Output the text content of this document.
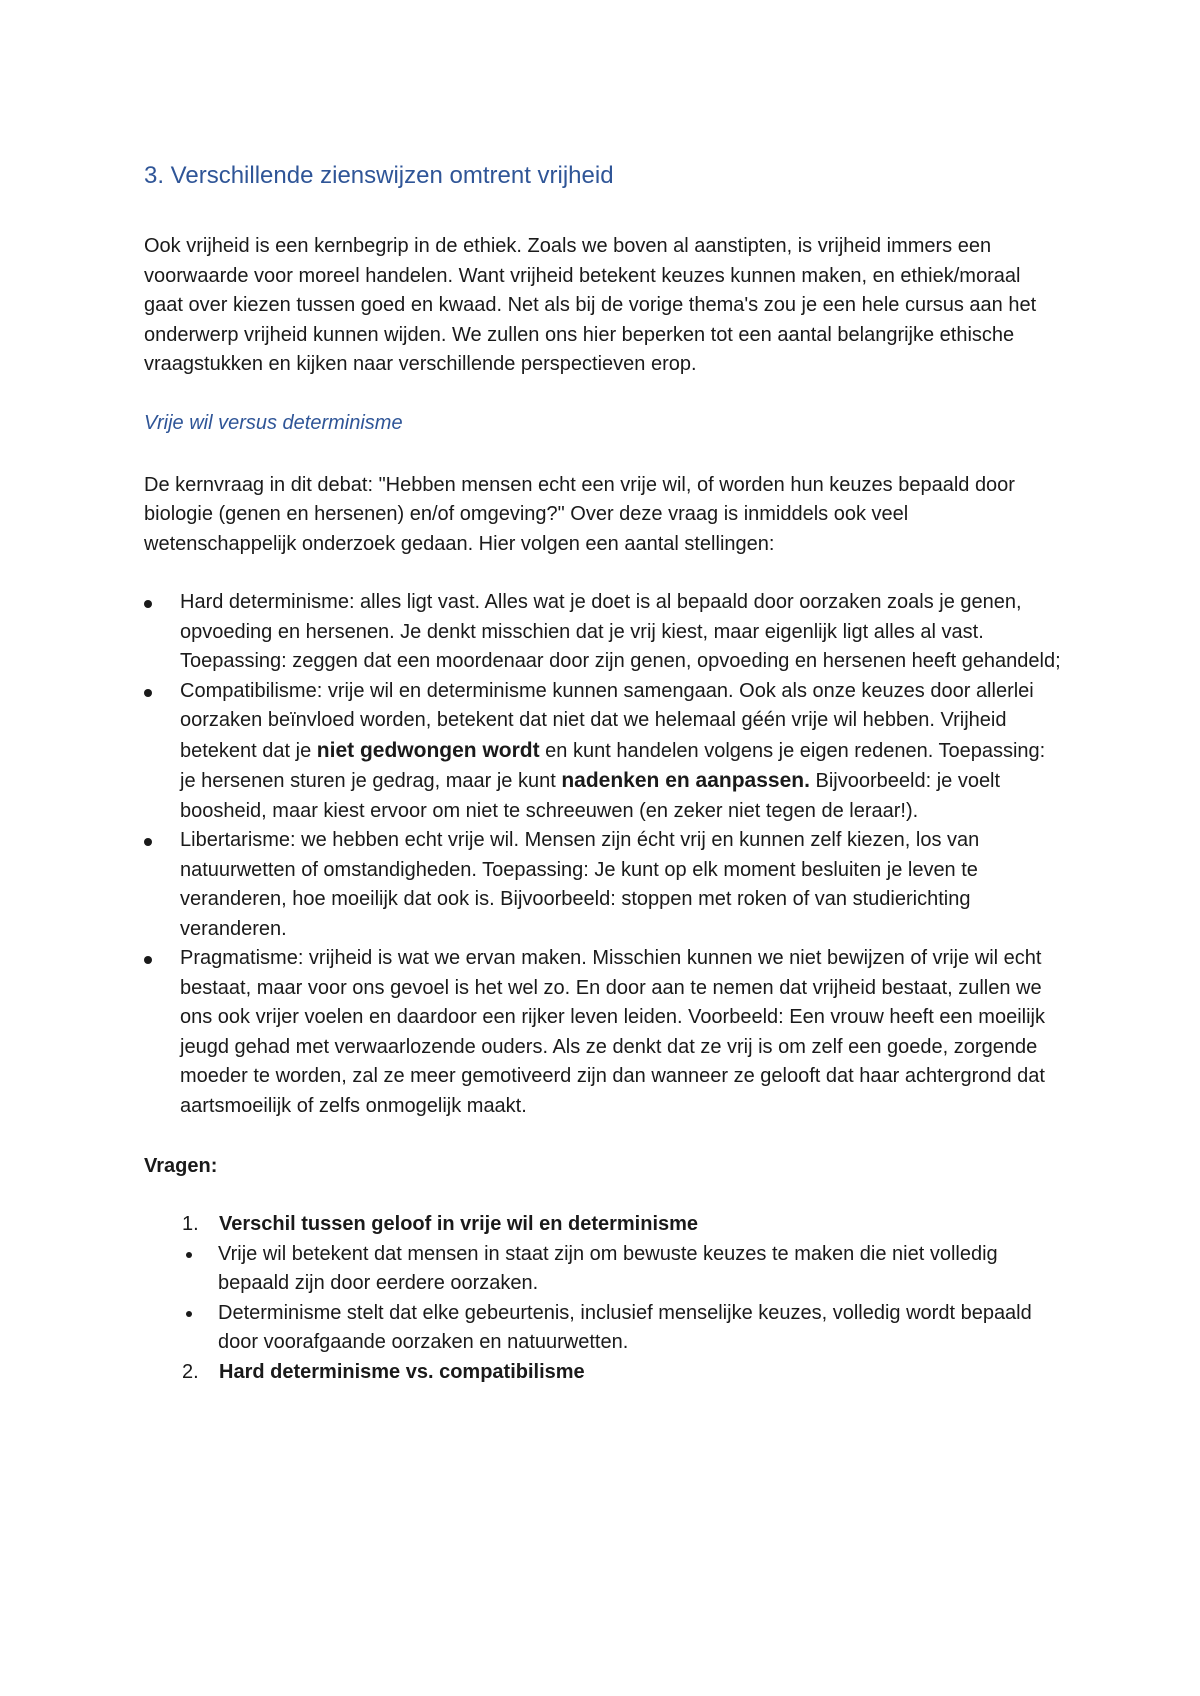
3. Verschillende zienswijzen omtrent vrijheid

Ook vrijheid is een kernbegrip in de ethiek. Zoals we boven al aanstipten, is vrijheid immers een voorwaarde voor moreel handelen. Want vrijheid betekent keuzes kunnen maken, en ethiek/moraal gaat over kiezen tussen goed en kwaad. Net als bij de vorige thema's zou je een hele cursus aan het onderwerp vrijheid kunnen wijden. We zullen ons hier beperken tot een aantal belangrijke ethische vraagstukken en kijken naar verschillende perspectieven erop.

Vrije wil versus determinisme

De kernvraag in dit debat: "Hebben mensen echt een vrije wil, of worden hun keuzes bepaald door biologie (genen en hersenen) en/of omgeving?" Over deze vraag is inmiddels ook veel wetenschappelijk onderzoek gedaan. Hier volgen een aantal stellingen:

Hard determinisme: alles ligt vast. Alles wat je doet is al bepaald door oorzaken zoals je genen, opvoeding en hersenen. Je denkt misschien dat je vrij kiest, maar eigenlijk ligt alles al vast. Toepassing: zeggen dat een moordenaar door zijn genen, opvoeding en hersenen heeft gehandeld;
Compatibilisme: vrije wil en determinisme kunnen samengaan. Ook als onze keuzes door allerlei oorzaken beïnvloed worden, betekent dat niet dat we helemaal géén vrije wil hebben. Vrijheid betekent dat je niet gedwongen wordt en kunt handelen volgens je eigen redenen. Toepassing: je hersenen sturen je gedrag, maar je kunt nadenken en aanpassen. Bijvoorbeeld: je voelt boosheid, maar kiest ervoor om niet te schreeuwen (en zeker niet tegen de leraar!).
Libertarisme: we hebben echt vrije wil. Mensen zijn écht vrij en kunnen zelf kiezen, los van natuurwetten of omstandigheden. Toepassing: Je kunt op elk moment besluiten je leven te veranderen, hoe moeilijk dat ook is. Bijvoorbeeld: stoppen met roken of van studierichting veranderen.
Pragmatisme: vrijheid is wat we ervan maken. Misschien kunnen we niet bewijzen of vrije wil echt bestaat, maar voor ons gevoel is het wel zo. En door aan te nemen dat vrijheid bestaat, zullen we ons ook vrijer voelen en daardoor een rijker leven leiden. Voorbeeld: Een vrouw heeft een moeilijk jeugd gehad met verwaarlozende ouders. Als ze denkt dat ze vrij is om zelf een goede, zorgende moeder te worden, zal ze meer gemotiveerd zijn dan wanneer ze gelooft dat haar achtergrond dat aartsmoeilijk of zelfs onmogelijk maakt.
Vragen:
1. Verschil tussen geloof in vrije wil en determinisme
Vrije wil betekent dat mensen in staat zijn om bewuste keuzes te maken die niet volledig bepaald zijn door eerdere oorzaken.
Determinisme stelt dat elke gebeurtenis, inclusief menselijke keuzes, volledig wordt bepaald door voorafgaande oorzaken en natuurwetten.
2. Hard determinisme vs. compatibilisme
